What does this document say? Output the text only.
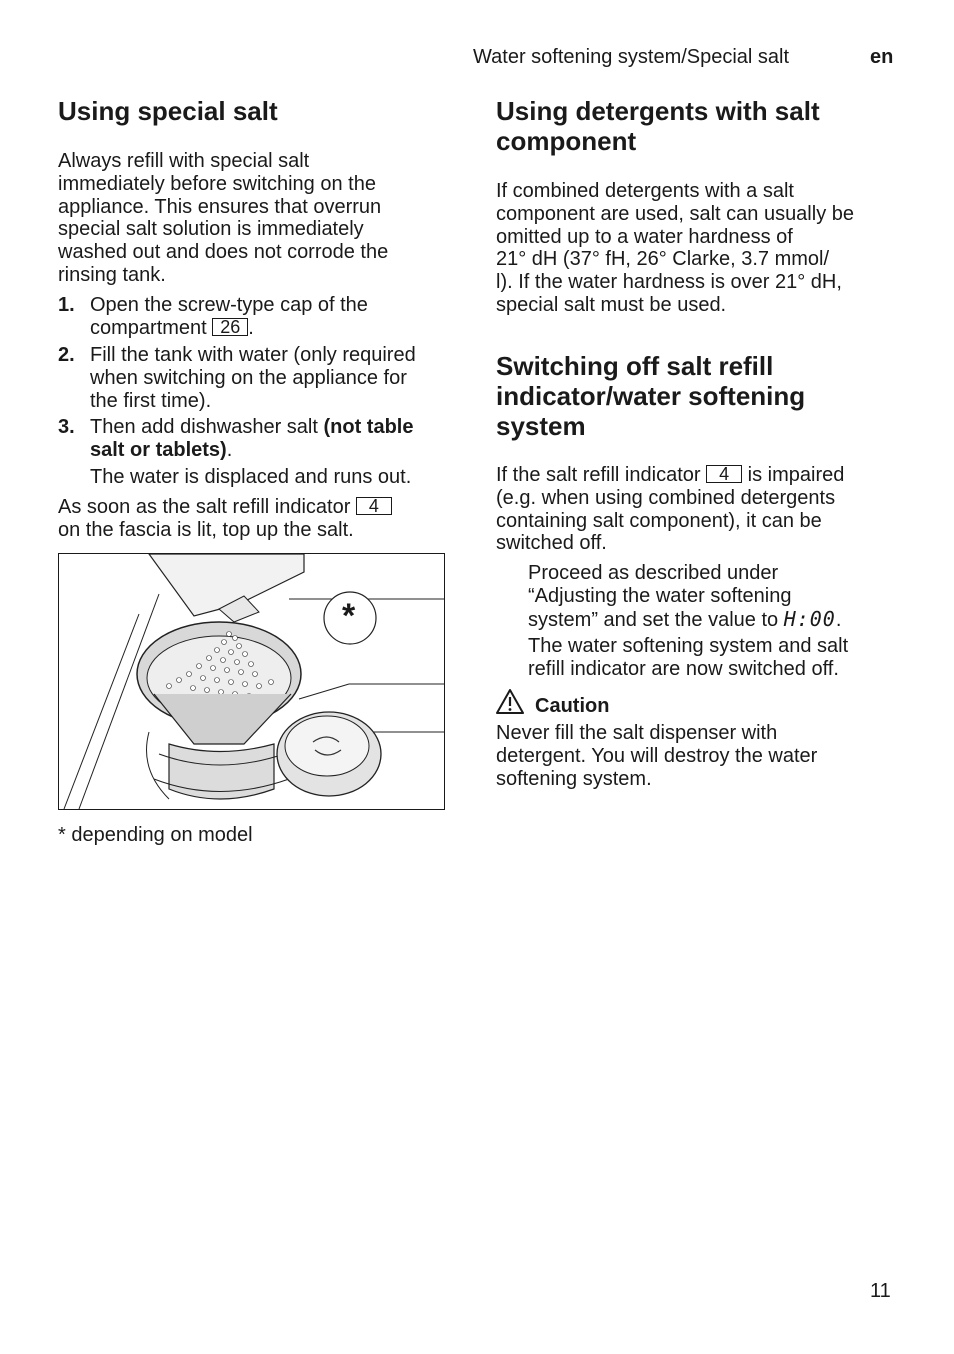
Water softening system/Special salt	en
Using special salt
Always refill with special salt
immediately before switching on the
appliance. This ensures that overrun
special salt solution is immediately
washed out and does not corrode the
rinsing tank.
1. Open the screw-type cap of the
compartment 26 .
2. Fill the tank with water (only required
when switching on the appliance for
the first time).
3. Then add dishwasher salt (not table
salt or tablets).
The water is displaced and runs out.
As soon as the salt refill indicator 4
on the fascia is lit, top up the salt.
*
* depending on model
Using detergents with salt
component
If combined detergents with a salt
component are used, salt can usually be
omitted up to a water hardness of
21° dH (37° fH, 26° Clarke, 3.7 mmol/
l). If the water hardness is over 21° dH,
special salt must be used.
Switching off salt refill
indicator/water softening
system
If the salt refill indicator 4 is impaired
(e.g. when using combined detergents
containing salt component), it can be
switched off.
Proceed as described under
“Adjusting the water softening
system” and set the value to H:00.
The water softening system and salt
refill indicator are now switched off.
Caution
Never fill the salt dispenser with
detergent. You will destroy the water
softening system.
11
